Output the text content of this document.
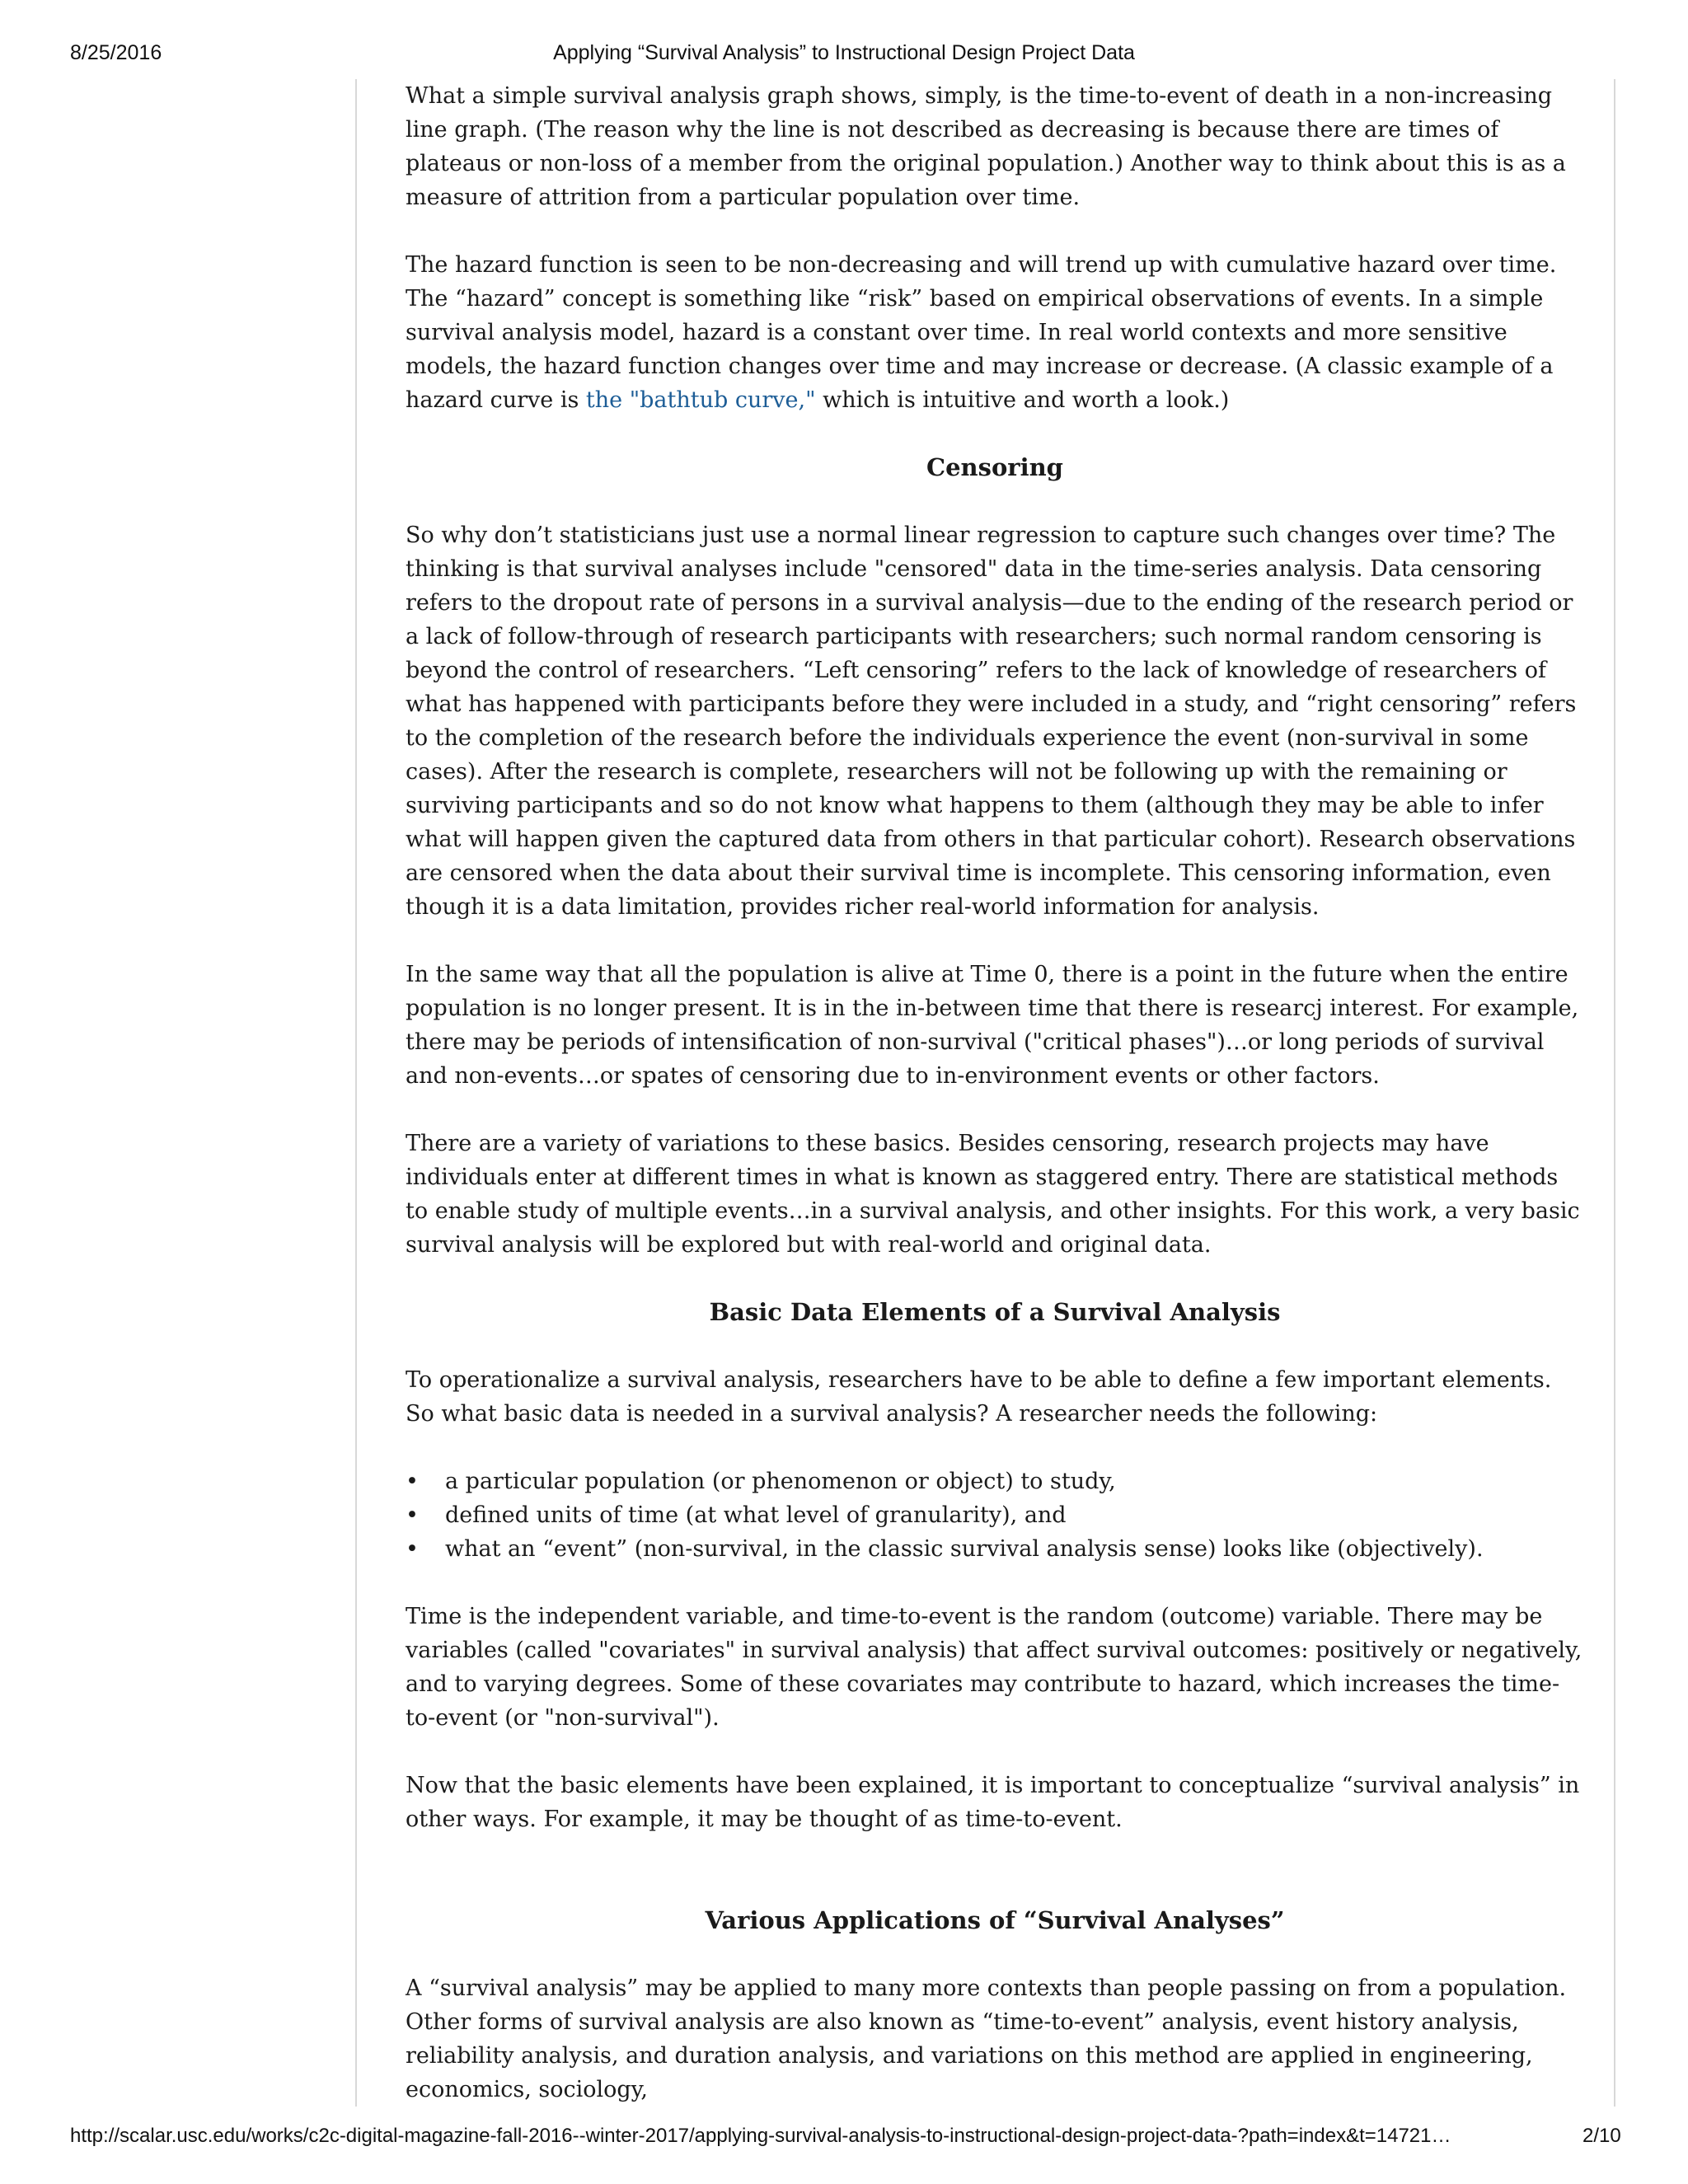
8/25/2016	Applying “Survival Analysis” to Instructional Design Project Data

What a simple survival analysis graph shows, simply, is the time-to-event of death in a non-increasing line graph. (The reason why the line is not described as decreasing is because there are times of plateaus or non-loss of a member from the original population.) Another way to think about this is as a measure of attrition from a particular population over time.

The hazard function is seen to be non-decreasing and will trend up with cumulative hazard over time. The “hazard” concept is something like “risk” based on empirical observations of events. In a simple survival analysis model, hazard is a constant over time. In real world contexts and more sensitive models, the hazard function changes over time and may increase or decrease. (A classic example of a hazard curve is the "bathtub curve," which is intuitive and worth a look.)

Censoring

So why don’t statisticians just use a normal linear regression to capture such changes over time? The thinking is that survival analyses include "censored" data in the time-series analysis. Data censoring refers to the dropout rate of persons in a survival analysis—due to the ending of the research period or a lack of follow-through of research participants with researchers; such normal random censoring is beyond the control of researchers. “Left censoring” refers to the lack of knowledge of researchers of what has happened with participants before they were included in a study, and “right censoring” refers to the completion of the research before the individuals experience the event (non-survival in some cases). After the research is complete, researchers will not be following up with the remaining or surviving participants and so do not know what happens to them (although they may be able to infer what will happen given the captured data from others in that particular cohort). Research observations are censored when the data about their survival time is incomplete. This censoring information, even though it is a data limitation, provides richer real-world information for analysis.

In the same way that all the population is alive at Time 0, there is a point in the future when the entire population is no longer present. It is in the in-between time that there is researcj interest. For example, there may be periods of intensification of non-survival ("critical phases")…or long periods of survival and non-events…or spates of censoring due to in-environment events or other factors.

There are a variety of variations to these basics. Besides censoring, research projects may have individuals enter at different times in what is known as staggered entry. There are statistical methods to enable study of multiple events…in a survival analysis, and other insights. For this work, a very basic survival analysis will be explored but with real-world and original data.

Basic Data Elements of a Survival Analysis

To operationalize a survival analysis, researchers have to be able to define a few important elements. So what basic data is needed in a survival analysis? A researcher needs the following:

• a particular population (or phenomenon or object) to study,
• defined units of time (at what level of granularity), and
• what an “event” (non-survival, in the classic survival analysis sense) looks like (objectively).

Time is the independent variable, and time-to-event is the random (outcome) variable. There may be variables (called "covariates" in survival analysis) that affect survival outcomes: positively or negatively, and to varying degrees. Some of these covariates may contribute to hazard, which increases the time-to-event (or "non-survival").

Now that the basic elements have been explained, it is important to conceptualize “survival analysis” in other ways. For example, it may be thought of as time-to-event.

Various Applications of “Survival Analyses”

A “survival analysis” may be applied to many more contexts than people passing on from a population. Other forms of survival analysis are also known as “time-to-event” analysis, event history analysis, reliability analysis, and duration analysis, and variations on this method are applied in engineering, economics, sociology,

http://scalar.usc.edu/works/c2c-digital-magazine-fall-2016--winter-2017/applying-survival-analysis-to-instructional-design-project-data-?path=index&t=14721…	2/10
